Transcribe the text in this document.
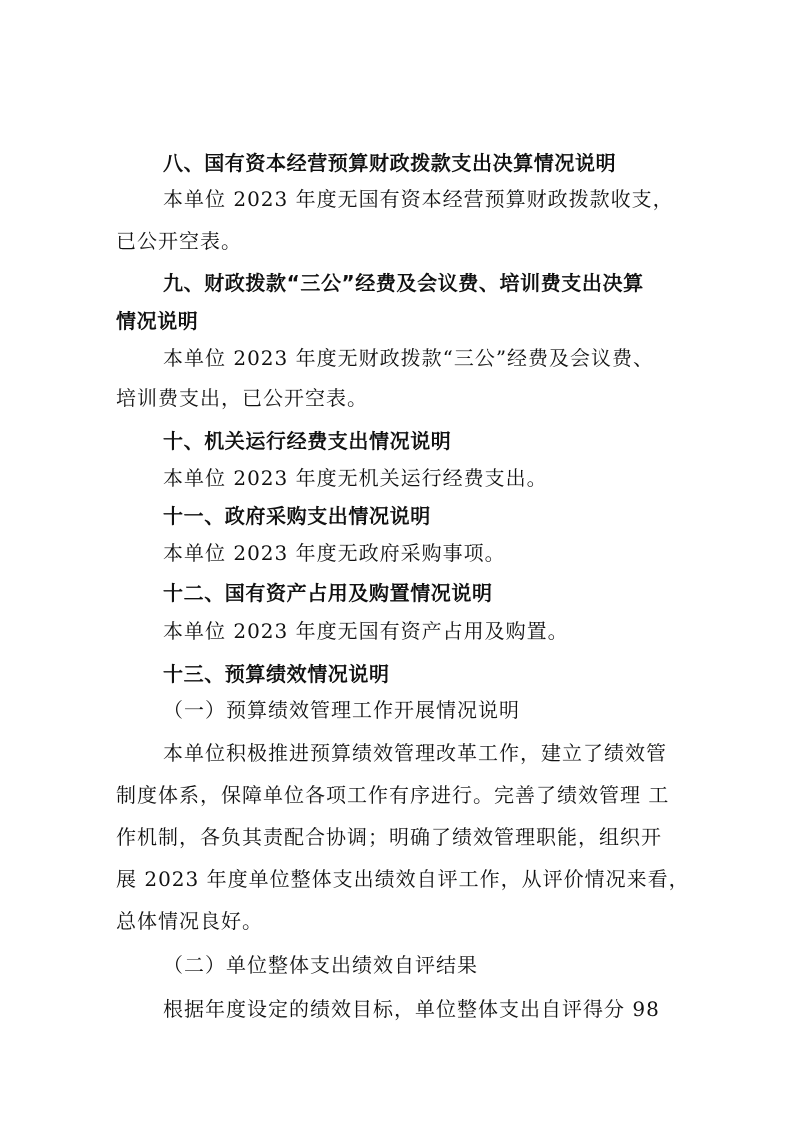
八、国有资本经营预算财政拨款支出决算情况说明
本单位 2023 年度无国有资本经营预算财政拨款收支，
已公开空表。
九、财政拨款“三公”经费及会议费、培训费支出决算
情况说明
本单位 2023 年度无财政拨款“三公”经费及会议费、
培训费支出，已公开空表。
十、机关运行经费支出情况说明
本单位 2023 年度无机关运行经费支出。
十一、政府采购支出情况说明
本单位 2023 年度无政府采购事项。
十二、国有资产占用及购置情况说明
本单位 2023 年度无国有资产占用及购置。
十三、预算绩效情况说明
（一）预算绩效管理工作开展情况说明
本单位积极推进预算绩效管理改革工作，建立了绩效管
制度体系，保障单位各项工作有序进行。完善了绩效管理 工
作机制，各负其责配合协调；明确了绩效管理职能，组织开
展 2023 年度单位整体支出绩效自评工作，从评价情况来看，
总体情况良好。
（二）单位整体支出绩效自评结果
根据年度设定的绩效目标，单位整体支出自评得分 98
